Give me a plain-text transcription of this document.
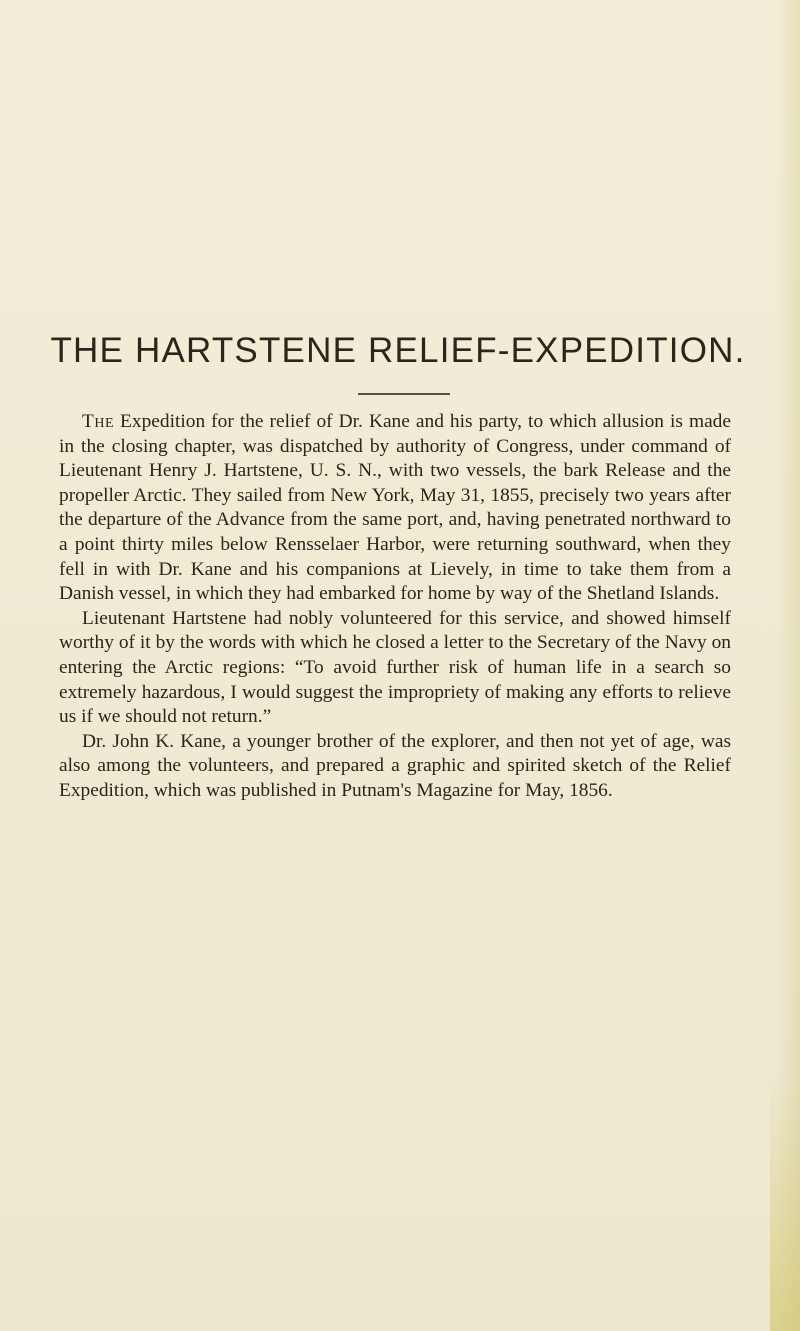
THE HARTSTENE RELIEF-EXPEDITION.

The Expedition for the relief of Dr. Kane and his party, to which allusion is made in the closing chapter, was dispatched by authority of Congress, under command of Lieutenant Henry J. Hartstene, U. S. N., with two vessels, the bark Release and the propeller Arctic. They sailed from New York, May 31, 1855, precisely two years after the departure of the Advance from the same port, and, having penetrated northward to a point thirty miles below Rensselaer Harbor, were returning southward, when they fell in with Dr. Kane and his companions at Lievely, in time to take them from a Danish vessel, in which they had embarked for home by way of the Shetland Islands.

Lieutenant Hartstene had nobly volunteered for this service, and showed himself worthy of it by the words with which he closed a letter to the Secretary of the Navy on entering the Arctic regions: “To avoid further risk of human life in a search so extremely hazardous, I would suggest the impropriety of making any efforts to relieve us if we should not return.”

Dr. John K. Kane, a younger brother of the explorer, and then not yet of age, was also among the volunteers, and prepared a graphic and spirited sketch of the Relief Expedition, which was published in Putnam's Magazine for May, 1856.
